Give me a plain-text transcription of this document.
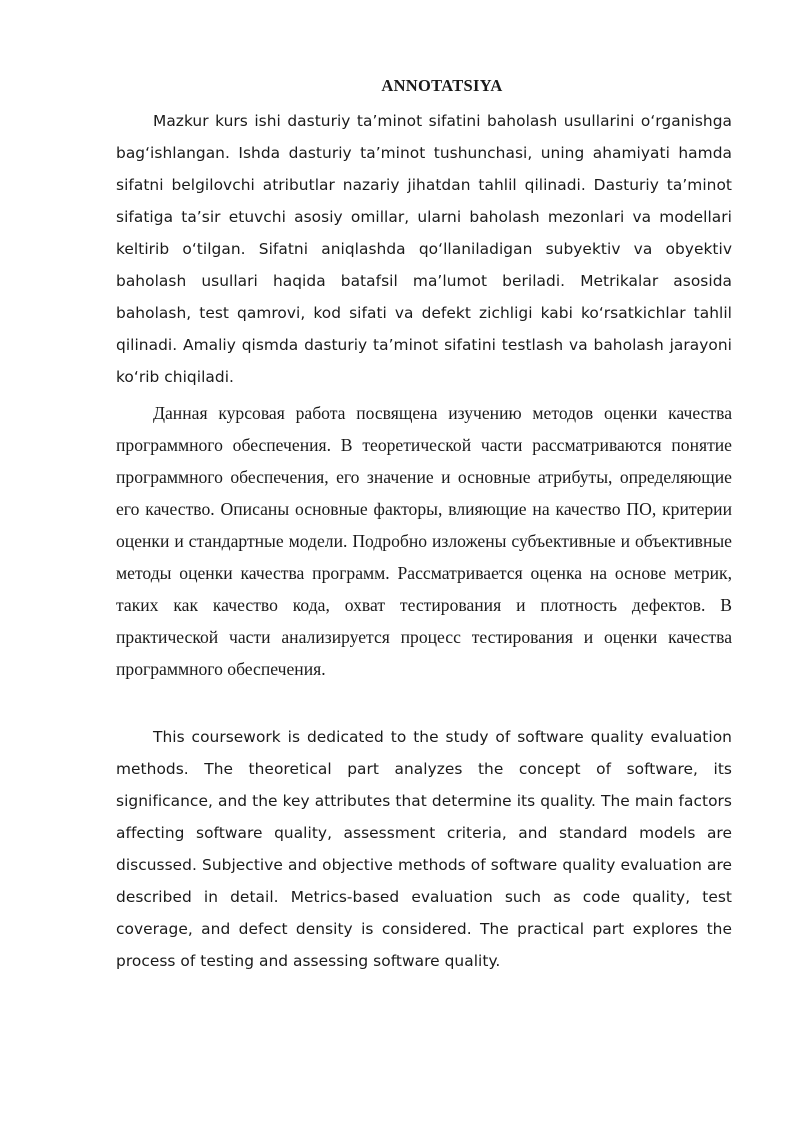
ANNOTATSIYA

Mazkur kurs ishi dasturiy ta’minot sifatini baholash usullarini o‘rganishga bag‘ishlangan. Ishda dasturiy ta’minot tushunchasi, uning ahamiyati hamda sifatni belgilovchi atributlar nazariy jihatdan tahlil qilinadi. Dasturiy ta’minot sifatiga ta’sir etuvchi asosiy omillar, ularni baholash mezonlari va modellari keltirib o‘tilgan. Sifatni aniqlashda qo‘llaniladigan subyektiv va obyektiv baholash usullari haqida batafsil ma’lumot beriladi. Metrikalar asosida baholash, test qamrovi, kod sifati va defekt zichligi kabi ko‘rsatkichlar tahlil qilinadi. Amaliy qismda dasturiy ta’minot sifatini testlash va baholash jarayoni ko‘rib chiqiladi.

Данная курсовая работа посвящена изучению методов оценки качества программного обеспечения. В теоретической части рассматриваются понятие программного обеспечения, его значение и основные атрибуты, определяющие его качество. Описаны основные факторы, влияющие на качество ПО, критерии оценки и стандартные модели. Подробно изложены субъективные и объективные методы оценки качества программ. Рассматривается оценка на основе метрик, таких как качество кода, охват тестирования и плотность дефектов. В практической части анализируется процесс тестирования и оценки качества программного обеспечения.

This coursework is dedicated to the study of software quality evaluation methods. The theoretical part analyzes the concept of software, its significance, and the key attributes that determine its quality. The main factors affecting software quality, assessment criteria, and standard models are discussed. Subjective and objective methods of software quality evaluation are described in detail. Metrics-based evaluation such as code quality, test coverage, and defect density is considered. The practical part explores the process of testing and assessing software quality.
